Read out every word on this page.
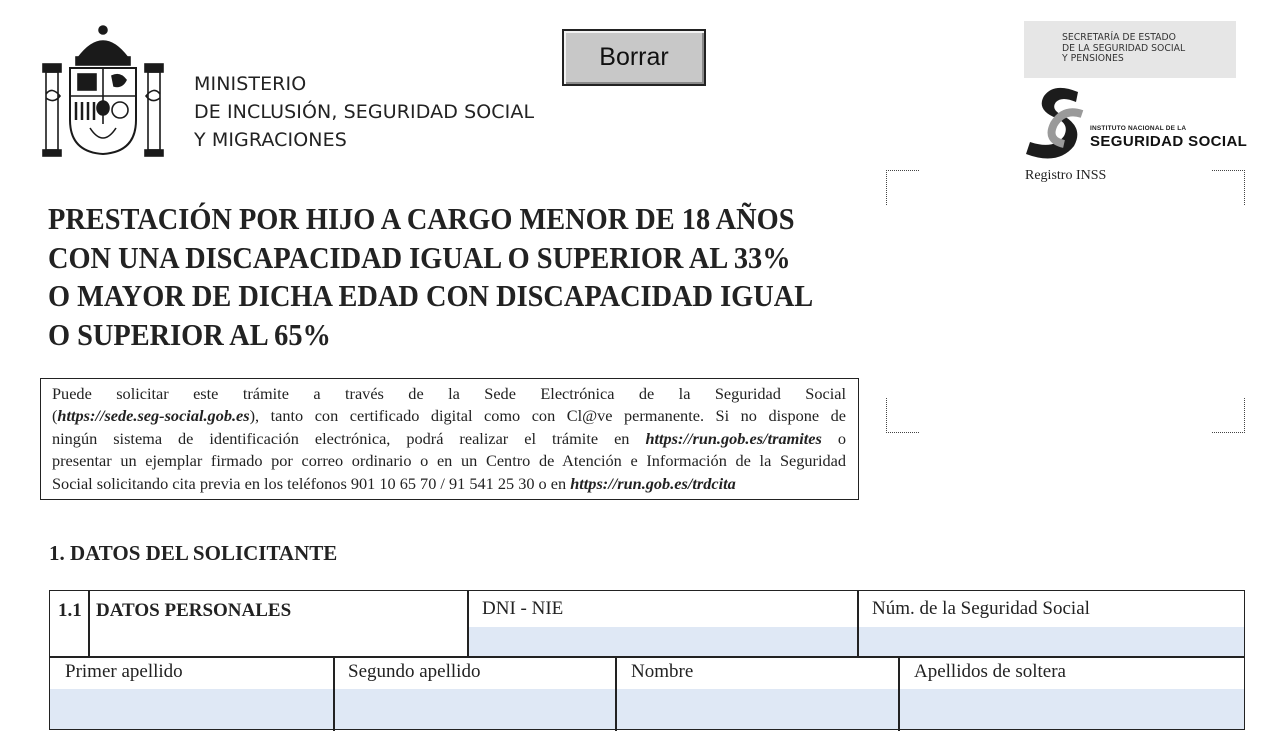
MINISTERIO
DE INCLUSIÓN, SEGURIDAD SOCIAL
Y MIGRACIONES
Borrar
SECRETARÍA DE ESTADO
DE LA SEGURIDAD SOCIAL
Y PENSIONES
INSTITUTO NACIONAL DE LA
SEGURIDAD SOCIAL
Registro INSS
PRESTACIÓN POR HIJO A CARGO MENOR DE 18 AÑOS
CON UNA DISCAPACIDAD IGUAL O SUPERIOR AL 33%
O MAYOR DE DICHA EDAD CON DISCAPACIDAD IGUAL
O SUPERIOR AL 65%
Puede solicitar este trámite a través de la Sede Electrónica de la Seguridad Social
(https://sede.seg-social.gob.es), tanto con certificado digital como con Cl@ve permanente. Si no dispone de
ningún sistema de identificación electrónica, podrá realizar el trámite en https://run.gob.es/tramites o
presentar un ejemplar firmado por correo ordinario o en un Centro de Atención e Información de la Seguridad
Social solicitando cita previa en los teléfonos 901 10 65 70 / 91 541 25 30 o en https://run.gob.es/trdcita
1. DATOS DEL SOLICITANTE
1.1 DATOS PERSONALES	DNI - NIE	Núm. de la Seguridad Social
Primer apellido	Segundo apellido	Nombre	Apellidos de soltera
